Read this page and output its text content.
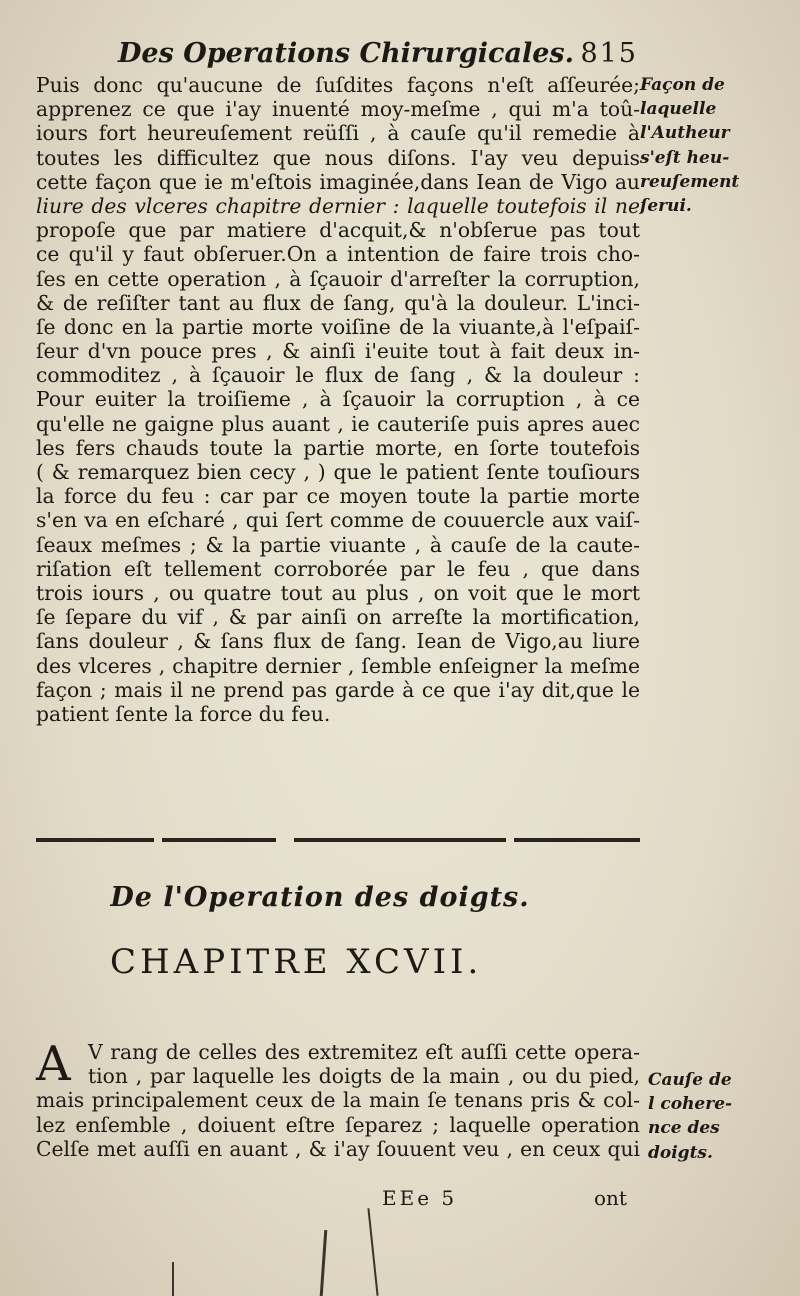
Des Operations Chirurgicales. 815
Puis donc qu'aucune de ſuſdites façons n'eſt aſſeurée;
apprenez ce que i'ay inuenté moy-meſme , qui m'a toû-
iours fort heureuſement reüſſi , à cauſe qu'il remedie à
toutes les difficultez que nous diſons. I'ay veu depuis
cette façon que ie m'eſtois imaginée,dans Iean de Vigo au
liure des vlceres chapitre dernier : laquelle toutefois il ne
propoſe que par matiere d'acquit,& n'obſerue pas tout
ce qu'il y faut obſeruer.On a intention de faire trois cho-
ſes en cette operation , à ſçauoir d'arreſter la corruption,
& de reſiſter tant au flux de ſang, qu'à la douleur. L'inci-
ſe donc en la partie morte voiſine de la viuante,à l'eſpaiſ-
ſeur d'vn pouce pres , & ainſi i'euite tout à fait deux in-
commoditez , à ſçauoir le flux de ſang , & la douleur :
Pour euiter la troiſieme , à ſçauoir la corruption , à ce
qu'elle ne gaigne plus auant , ie cauteriſe puis apres auec
les fers chauds toute la partie morte, en ſorte toutefois
( & remarquez bien cecy , ) que le patient ſente touſiours
la force du feu : car par ce moyen toute la partie morte
s'en va en eſcharé , qui ſert comme de couuercle aux vaiſ-
ſeaux meſmes ; & la partie viuante , à cauſe de la caute-
riſation eſt tellement corroborée par le feu , que dans
trois iours , ou quatre tout au plus , on voit que le mort
ſe ſepare du vif , & par ainſi on arreſte la mortification,
ſans douleur , & ſans flux de ſang. Iean de Vigo,au liure
des vlceres , chapitre dernier , ſemble enſeigner la meſme
façon ; mais il ne prend pas garde à ce que i'ay dit,que le
patient ſente la force du feu.
Façon de
laquelle
l'Autheur
s'eſt heu-
reuſement
ſerui.
De l'Operation des doigts.
CHAPITRE XCVII.
A V rang de celles des extremitez eſt auſſi cette opera-
tion , par laquelle les doigts de la main , ou du pied,
mais principalement ceux de la main ſe tenans pris & col-
lez enſemble , doiuent eſtre ſeparez ; laquelle operation
Celſe met auſſi en auant , & i'ay ſouuent veu , en ceux qui
Cauſe de
l cohere-
nce des
doigts.
EEe 5	ont
